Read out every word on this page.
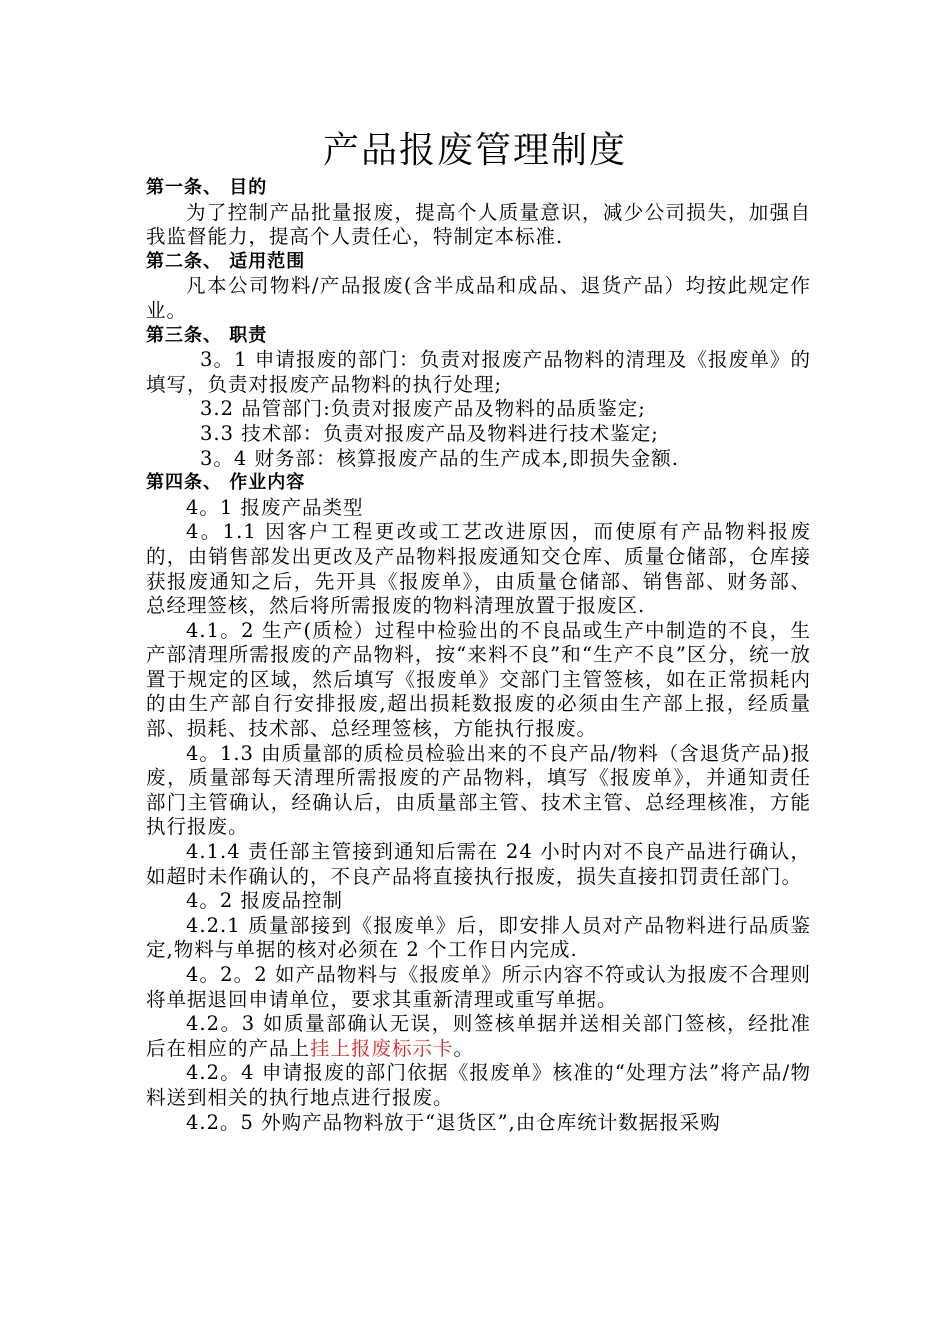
产品报废管理制度

第一条、 目的

为了控制产品批量报废，提高个人质量意识，减少公司损失，加强自我监督能力，提高个人责任心，特制定本标准.

第二条、 适用范围

凡本公司物料/产品报废(含半成品和成品、退货产品）均按此规定作业。

第三条、 职责

3。1 申请报废的部门：负责对报废产品物料的清理及《报废单》的填写，负责对报废产品物料的执行处理;

3.2 品管部门:负责对报废产品及物料的品质鉴定;

3.3 技术部：负责对报废产品及物料进行技术鉴定;

3。4 财务部：核算报废产品的生产成本,即损失金额.

第四条、 作业内容

4。1 报废产品类型

4。1.1 因客户工程更改或工艺改进原因，而使原有产品物料报废的，由销售部发出更改及产品物料报废通知交仓库、质量仓储部，仓库接获报废通知之后，先开具《报废单》，由质量仓储部、销售部、财务部、总经理签核，然后将所需报废的物料清理放置于报废区.

4.1。2 生产(质检）过程中检验出的不良品或生产中制造的不良，生产部清理所需报废的产品物料，按“来料不良”和“生产不良”区分，统一放置于规定的区域，然后填写《报废单》交部门主管签核，如在正常损耗内的由生产部自行安排报废,超出损耗数报废的必须由生产部上报，经质量部、损耗、技术部、总经理签核，方能执行报废。

4。1.3 由质量部的质检员检验出来的不良产品/物料（含退货产品)报废，质量部每天清理所需报废的产品物料，填写《报废单》，并通知责任部门主管确认，经确认后，由质量部主管、技术主管、总经理核准，方能执行报废。

4.1.4 责任部主管接到通知后需在 24 小时内对不良产品进行确认，如超时未作确认的，不良产品将直接执行报废，损失直接扣罚责任部门。

4。2 报废品控制

4.2.1 质量部接到《报废单》后，即安排人员对产品物料进行品质鉴定,物料与单据的核对必须在 2 个工作日内完成.

4。2。2 如产品物料与《报废单》所示内容不符或认为报废不合理则将单据退回申请单位，要求其重新清理或重写单据。

4.2。3 如质量部确认无误，则签核单据并送相关部门签核，经批准后在相应的产品上挂上报废标示卡。

4.2。4 申请报废的部门依据《报废单》核准的“处理方法”将产品/物料送到相关的执行地点进行报废。

4.2。5 外购产品物料放于“退货区”,由仓库统计数据报采购
